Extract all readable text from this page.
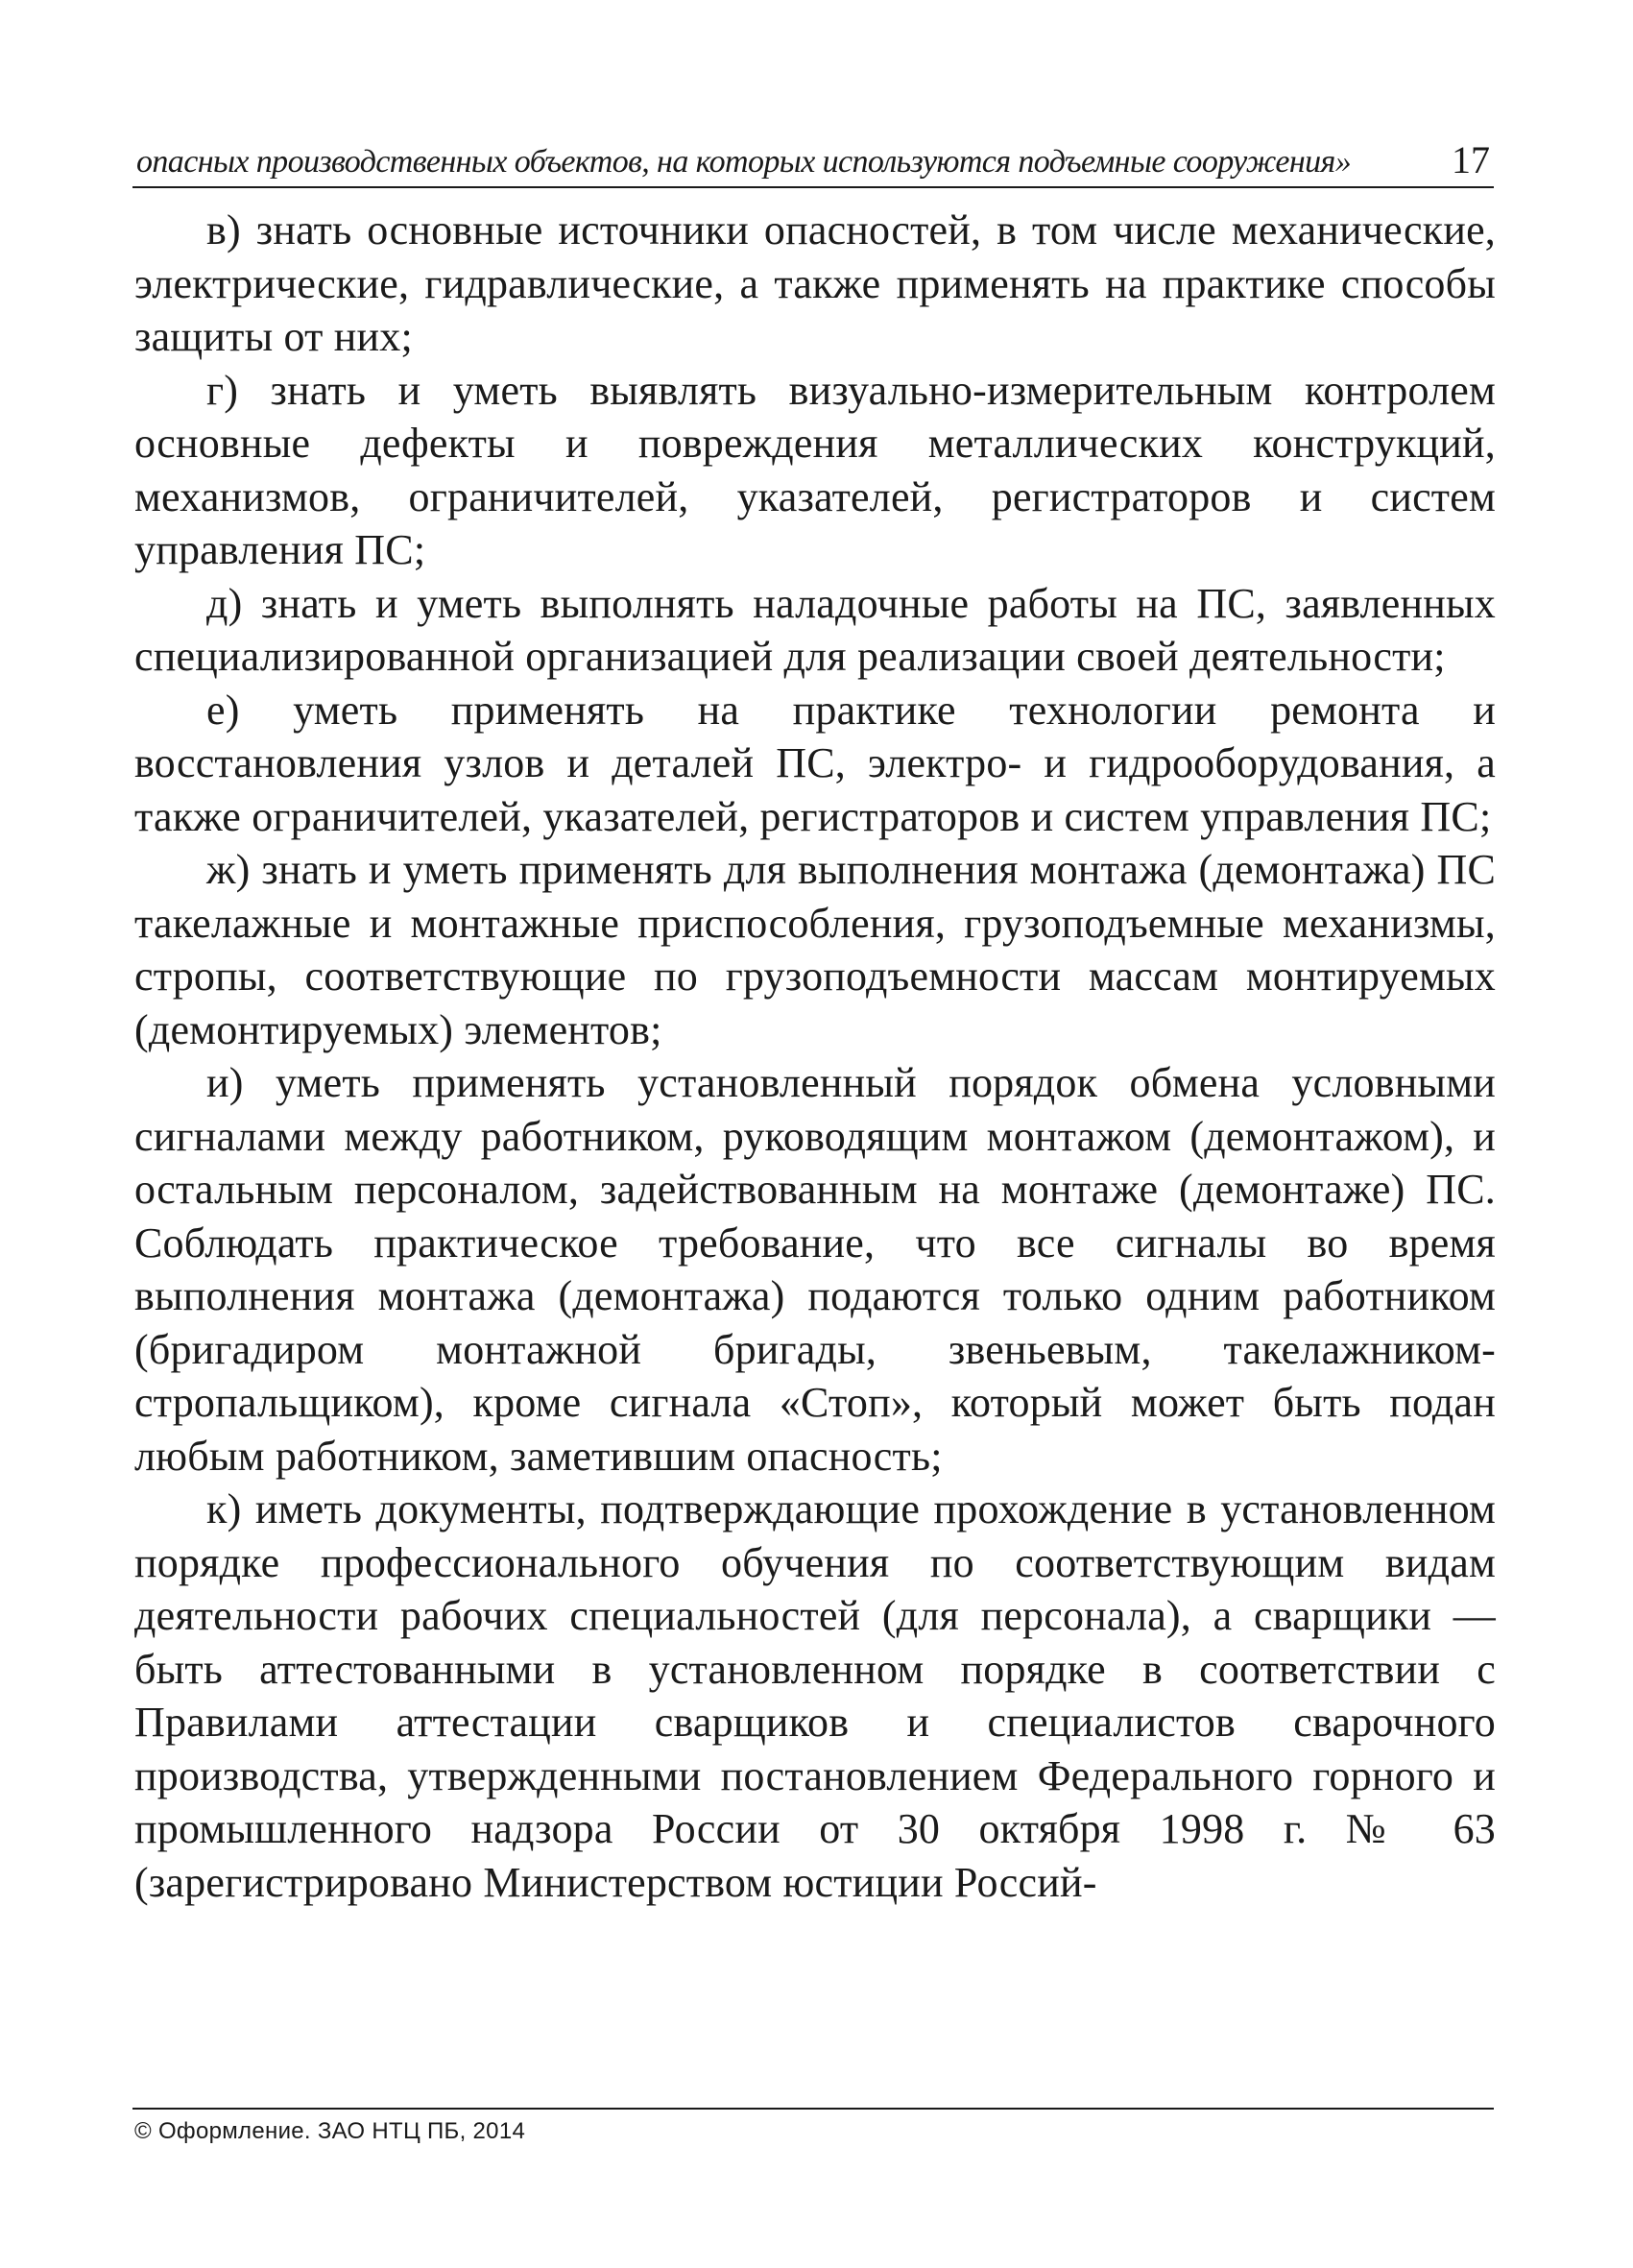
опасных производственных объектов, на которых используются подъемные сооружения»	17

в) знать основные источники опасностей, в том числе механические, электрические, гидравлические, а также применять на практике способы защиты от них;

г) знать и уметь выявлять визуально-измерительным контролем основные дефекты и повреждения металлических конструкций, механизмов, ограничителей, указателей, регистраторов и систем управления ПС;

д) знать и уметь выполнять наладочные работы на ПС, заявленных специализированной организацией для реализации своей деятельности;

е) уметь применять на практике технологии ремонта и восстановления узлов и деталей ПС, электро- и гидрооборудования, а также ограничителей, указателей, регистраторов и систем управления ПС;

ж) знать и уметь применять для выполнения монтажа (демонтажа) ПС такелажные и монтажные приспособления, грузоподъемные механизмы, стропы, соответствующие по грузоподъемности массам монтируемых (демонтируемых) элементов;

и) уметь применять установленный порядок обмена условными сигналами между работником, руководящим монтажом (демонтажом), и остальным персоналом, задействованным на монтаже (демонтаже) ПС. Соблюдать практическое требование, что все сигналы во время выполнения монтажа (демонтажа) подаются только одним работником (бригадиром монтажной бригады, звеньевым, такелажником-стропальщиком), кроме сигнала «Стоп», который может быть подан любым работником, заметившим опасность;

к) иметь документы, подтверждающие прохождение в установленном порядке профессионального обучения по соответствующим видам деятельности рабочих специальностей (для персонала), а сварщики — быть аттестованными в установленном порядке в соответствии с Правилами аттестации сварщиков и специалистов сварочного производства, утвержденными постановлением Федерального горного и промышленного надзора России от 30 октября 1998 г. № 63 (зарегистрировано Министерством юстиции Россий-

© Оформление. ЗАО НТЦ ПБ, 2014
